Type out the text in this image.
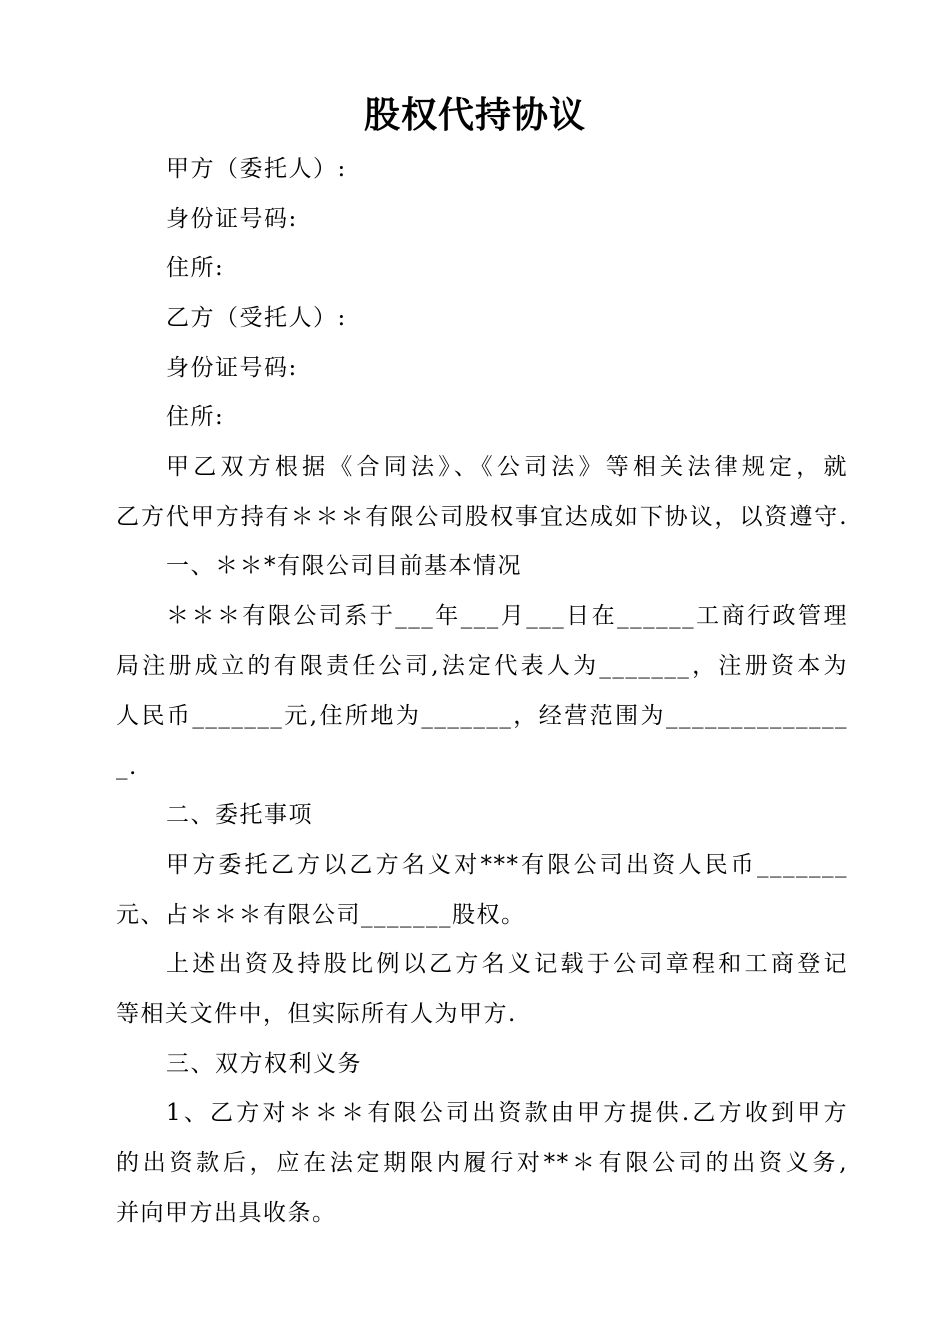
股权代持协议
甲方（委托人）:
身份证号码:
住所:
乙方（受托人）:
身份证号码:
住所:
甲乙双方根据《合同法》、《公司法》等相关法律规定，就
乙方代甲方持有＊＊＊有限公司股权事宜达成如下协议，以资遵守.
一、＊＊*有限公司目前基本情况
＊＊＊有限公司系于___年___月___日在______工商行政管理
局注册成立的有限责任公司,法定代表人为_______，注册资本为
人民币_______元,住所地为_______，经营范围为______________
_.
二、委托事项
甲方委托乙方以乙方名义对***有限公司出资人民币_______
元、占＊＊＊有限公司_______股权。
上述出资及持股比例以乙方名义记载于公司章程和工商登记
等相关文件中，但实际所有人为甲方.
三、双方权利义务
1、乙方对＊＊＊有限公司出资款由甲方提供.乙方收到甲方
的出资款后，应在法定期限内履行对**＊有限公司的出资义务,
并向甲方出具收条。
